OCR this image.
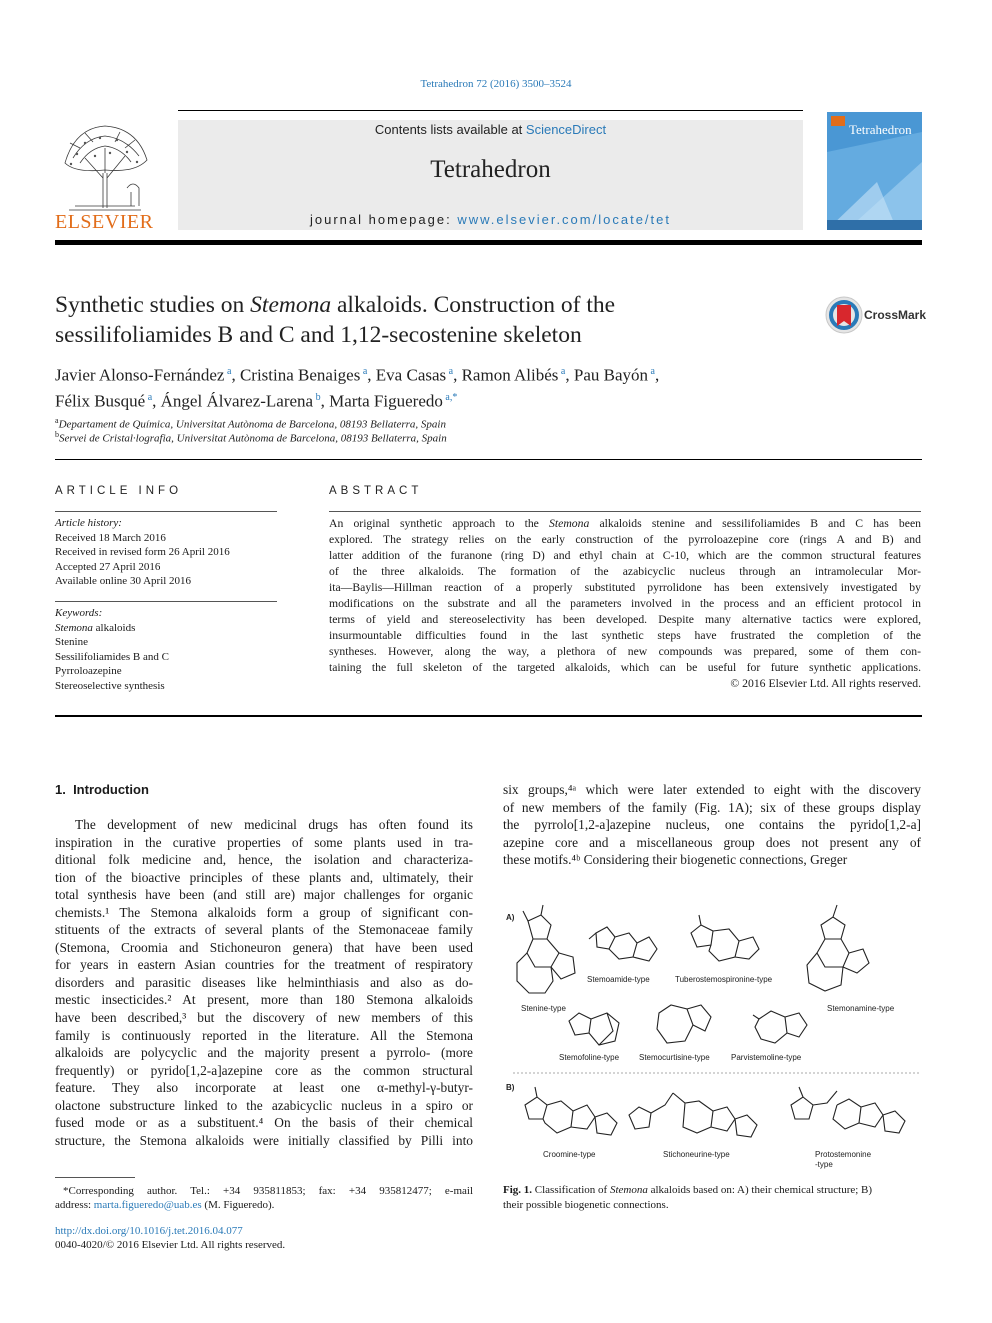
Tetrahedron 72 (2016) 3500–3524
ELSEVIER
Contents lists available at ScienceDirect
Tetrahedron
journal homepage: www.elsevier.com/locate/tet
Tetrahedron
Synthetic studies on Stemona alkaloids. Construction of the
sessilifoliamides B and C and 1,12-secostenine skeleton
CrossMark
Javier Alonso-Fernández $^a$, Cristina Benaiges $^a$, Eva Casas $^a$, Ramon Alibés $^a$, Pau Bayón $^a$,
Félix Busqué $^a$, Ángel Álvarez-Larena $^b$, Marta Figueredo $^{a,*}$
$^a$Departament de Química, Universitat Autònoma de Barcelona, 08193 Bellaterra, Spain
$^b$Servei de Cristal·lografia, Universitat Autònoma de Barcelona, 08193 Bellaterra, Spain
ARTICLE INFO
Article history:
Received 18 March 2016
Received in revised form 26 April 2016
Accepted 27 April 2016
Available online 30 April 2016
Keywords:
Stemona alkaloids
Stenine
Sessilifoliamides B and C
Pyrroloazepine
Stereoselective synthesis
ABSTRACT

An original synthetic approach to the Stemona alkaloids stenine and sessilifoliamides B and C has been

explored. The strategy relies on the early construction of the pyrroloazepine core (rings A and B) and

latter addition of the furanone (ring D) and ethyl chain at C-10, which are the common structural features

of the three alkaloids. The formation of the azabicyclic nucleus through an intramolecular Mor-

ita—Baylis—Hillman reaction of a properly substituted pyrrolidone has been extensively investigated by

modifications on the substrate and all the parameters involved in the process and an efficient protocol in

terms of yield and stereoselectivity has been developed. Despite many alternative tactics were explored,

insurmountable difficulties found in the last synthetic steps have frustrated the completion of the

syntheses. However, along the way, a plethora of new compounds was prepared, some of them con-

taining the full skeleton of the targeted alkaloids, which can be useful for future synthetic applications.

© 2016 Elsevier Ltd. All rights reserved.

1.  Introduction

The development of new medicinal drugs has often found its

inspiration in the curative properties of some plants used in tra-

ditional folk medicine and, hence, the isolation and characteriza-

tion of the bioactive principles of these plants and, ultimately, their

total synthesis have been (and still are) major challenges for organic

chemists.¹ The Stemona alkaloids form a group of significant con-

stituents of the extracts of several plants of the Stemonaceae family

(Stemona, Croomia and Stichoneuron genera) that have been used

for years in eastern Asian countries for the treatment of respiratory

disorders and parasitic diseases like helminthiasis and also as do-

mestic insecticides.² At present, more than 180 Stemona alkaloids

have been described,³ but the discovery of new members of this

family is continuously reported in the literature. All the Stemona

alkaloids are polycyclic and the majority present a pyrrolo- (more

frequently) or pyrido[1,2-a]azepine core as the common structural

feature. They also incorporate at least one α-methyl-γ-butyr-

olactone substructure linked to the azabicyclic nucleus in a spiro or

fused mode or as a substituent.⁴ On the basis of their chemical

structure, the Stemona alkaloids were initially classified by Pilli into

six groups,⁴ᵃ which were later extended to eight with the discovery

of new members of the family (Fig. 1A); six of these groups display

the pyrrolo[1,2-a]azepine nucleus, one contains the pyrido[1,2-a]

azepine core and a miscellaneous group does not present any of

these motifs.⁴ᵇ Considering their biogenetic connections, Greger

A)
B)
Stenine-type
Stemoamide-type	Tuberostemospironine-type
Stemonamine-type
Stemofoline-type Stemocurtisine-type	Parvistemoline-type
Croomine-type	Stichoneurine-type	Protostemonine
-type
Fig. 1. Classification of Stemona alkaloids based on: A) their chemical structure; B)
their possible biogenetic connections.
*Corresponding author. Tel.: +34 935811853; fax: +34 935812477; e-mail
address: marta.figueredo@uab.es (M. Figueredo).
http://dx.doi.org/10.1016/j.tet.2016.04.077
0040-4020/© 2016 Elsevier Ltd. All rights reserved.
